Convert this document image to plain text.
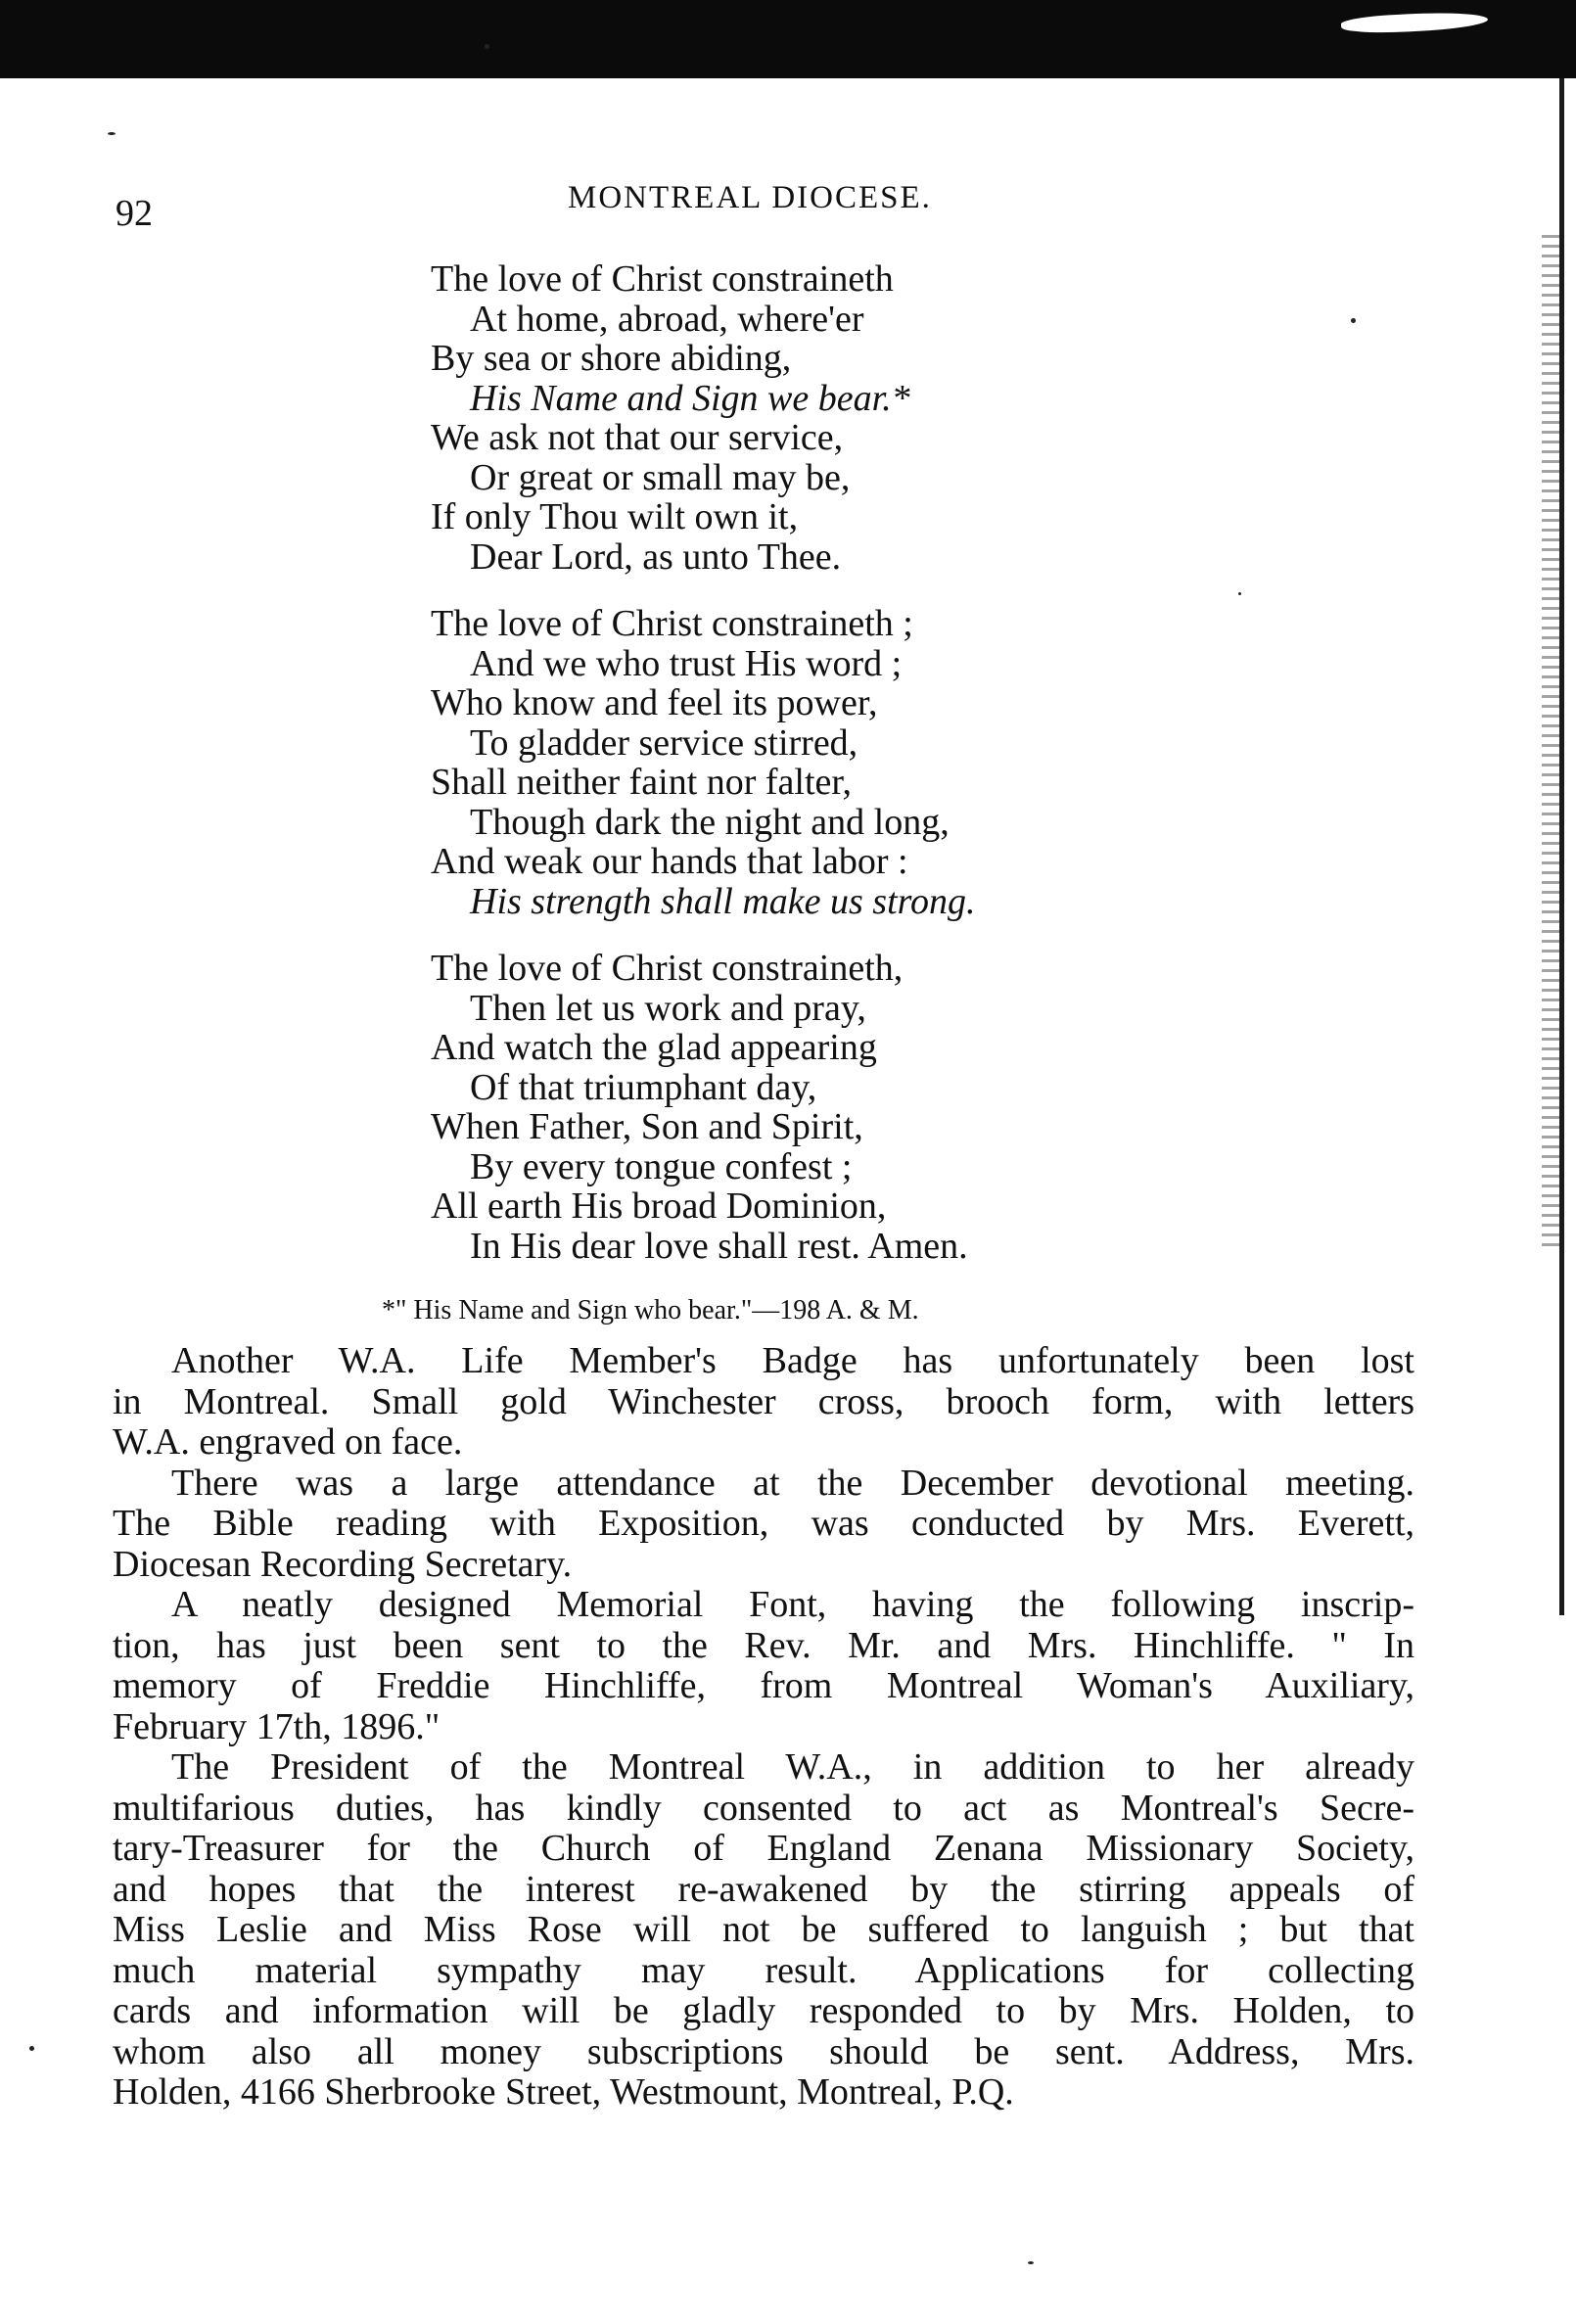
92	MONTREAL DIOCESE.
The love of Christ constraineth
At home, abroad, where'er
By sea or shore abiding,
His Name and Sign we bear.*
We ask not that our service,
Or great or small may be,
If only Thou wilt own it,
Dear Lord, as unto Thee.
The love of Christ constraineth ;
And we who trust His word ;
Who know and feel its power,
To gladder service stirred,
Shall neither faint nor falter,
Though dark the night and long,
And weak our hands that labor :
His strength shall make us strong.
The love of Christ constraineth,
Then let us work and pray,
And watch the glad appearing
Of that triumphant day,
When Father, Son and Spirit,
By every tongue confest ;
All earth His broad Dominion,
In His dear love shall rest. Amen.
*" His Name and Sign who bear."—198 A. & M.
Another W.A. Life Member's Badge has unfortunately been lost
in Montreal. Small gold Winchester cross, brooch form, with letters
W.A. engraved on face.
There was a large attendance at the December devotional meeting.
The Bible reading with Exposition, was conducted by Mrs. Everett,
Diocesan Recording Secretary.
A neatly designed Memorial Font, having the following inscrip-
tion, has just been sent to the Rev. Mr. and Mrs. Hinchliffe. " In
memory of Freddie Hinchliffe, from Montreal Woman's Auxiliary,
February 17th, 1896."
The President of the Montreal W.A., in addition to her already
multifarious duties, has kindly consented to act as Montreal's Secre-
tary-Treasurer for the Church of England Zenana Missionary Society,
and hopes that the interest re-awakened by the stirring appeals of
Miss Leslie and Miss Rose will not be suffered to languish ; but that
much material sympathy may result. Applications for collecting
cards and information will be gladly responded to by Mrs. Holden, to
whom also all money subscriptions should be sent. Address, Mrs.
Holden, 4166 Sherbrooke Street, Westmount, Montreal, P.Q.
